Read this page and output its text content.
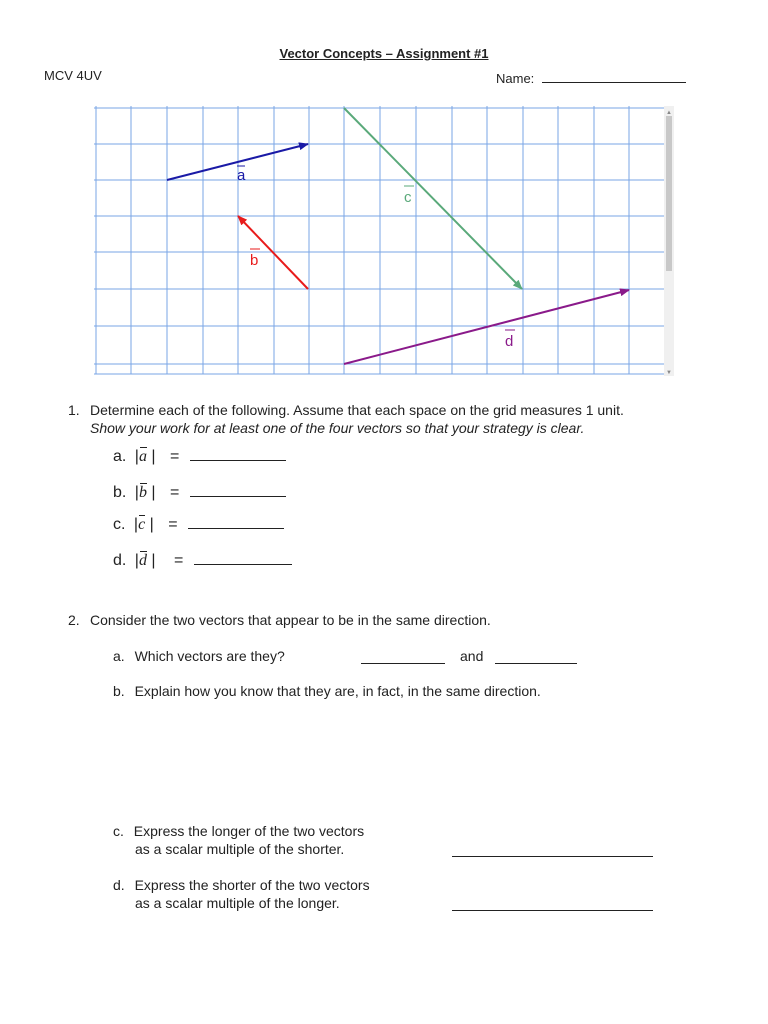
Vector Concepts – Assignment #1
MCV 4UV	Name:
▲
▼
a
b
c
d
1. Determine each of the following. Assume that each space on the grid measures 1 unit.
Show your work for at least one of the four vectors so that your strategy is clear.
a. |a | =
b. |b | =
c. |c | =
d. |d | =
2. Consider the two vectors that appear to be in the same direction.
a. Which vectors are they?	and
b. Explain how you know that they are, in fact, in the same direction.
c. Express the longer of the two vectors
as a scalar multiple of the shorter.
d. Express the shorter of the two vectors
as a scalar multiple of the longer.
